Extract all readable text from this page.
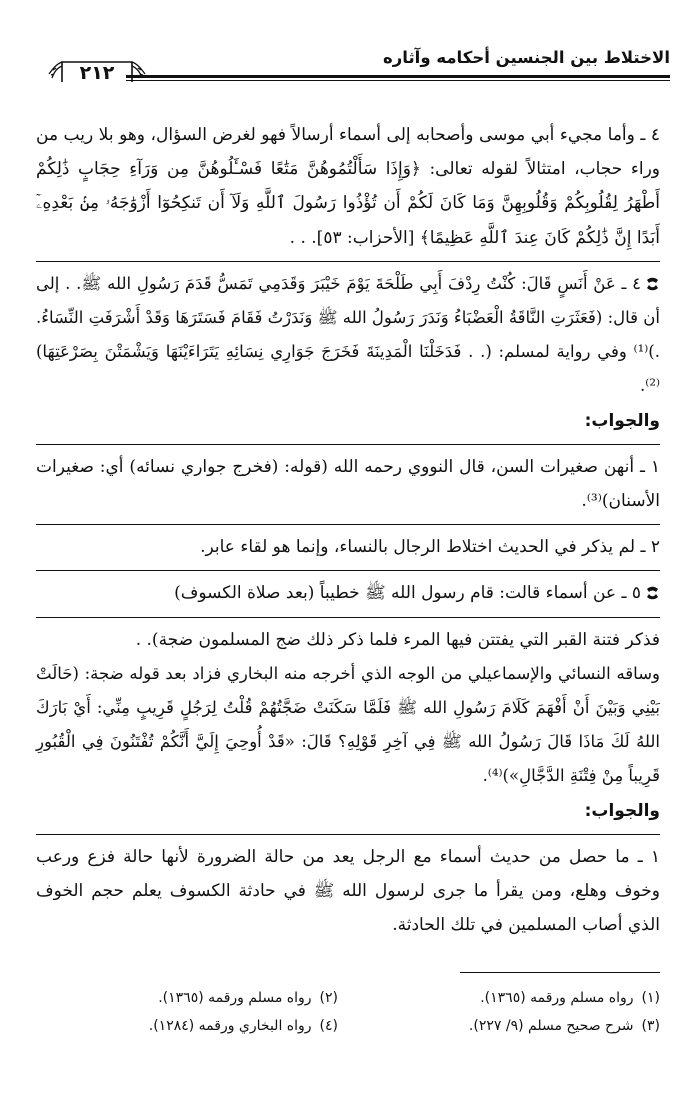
الاختلاط بين الجنسين أحكامه وآثاره
٢١٢

٤ ـ وأما مجيء أبي موسى وأصحابه إلى أسماء أرسالاً فهو لغرض السؤال، وهو بلا ريب من وراء حجاب، امتثالاً لقوله تعالى: ﴿وَإِذَا سَأَلْتُمُوهُنَّ مَتَٰعًا فَسْـَٔلُوهُنَّ مِن وَرَآءِ حِجَابٍ ذَٰلِكُمْ أَطْهَرُ لِقُلُوبِكُمْ وَقُلُوبِهِنَّ وَمَا كَانَ لَكُمْ أَن تُؤْذُوا رَسُولَ ٱللَّهِ وَلَآ أَن تَنكِحُوٓا أَزْوَٰجَهُۥ مِنۢ بَعْدِهِۦٓ أَبَدًا إِنَّ ذَٰلِكُمْ كَانَ عِندَ ٱللَّهِ عَظِيمًا﴾ [الأحزاب: ٥٣]. . .

٤ ـ عَنْ أَنَسٍ قَالَ: كُنْتُ رِدْفَ أَبِي طَلْحَةَ يَوْمَ خَيْبَرَ وَقَدَمِي تَمَسُّ قَدَمَ رَسُولِ الله ﷺ. . إلى أن قال: (فَعَثَرَتِ النَّاقَةُ الْعَضْبَاءُ وَنَدَرَ رَسُولُ الله ﷺ وَنَدَرْتُ فَقَامَ فَسَتَرَهَا وَقَدْ أَشْرَفَتِ النِّسَاءُ. .)⁽¹⁾ وفي رواية لمسلم: (. . فَدَخَلْنَا الْمَدِينَةَ فَخَرَجَ جَوَارِي نِسَائِهِ يَتَرَاءَيْنَهَا وَيَشْمَتْنَ بِصَرْعَتِهَا)⁽²⁾.

والجواب:

١ ـ أنهن صغيرات السن، قال النووي رحمه الله (قوله: (فخرج جواري نسائه) أي: صغيرات الأسنان)⁽³⁾.

٢ ـ لم يذكر في الحديث اختلاط الرجال بالنساء، وإنما هو لقاء عابر.

٥ ـ عن أسماء قالت: قام رسول الله ﷺ خطيباً (بعد صلاة الكسوف)

فذكر فتنة القبر التي يفتتن فيها المرء فلما ذكر ذلك ضج المسلمون ضجة). .

وساقه النسائي والإسماعيلي من الوجه الذي أخرجه منه البخاري فزاد بعد قوله ضجة: (حَالَتْ بَيْنِي وَبَيْنَ أَنْ أَفْهَمَ كَلَامَ رَسُولِ الله ﷺ فَلَمَّا سَكَنَتْ ضَجَّتُهُمْ قُلْتُ لِرَجُلٍ قَرِيبٍ مِنِّي: أَيْ بَارَكَ اللهُ لَكَ مَاذَا قَالَ رَسُولُ الله ﷺ فِي آخِرِ قَوْلِهِ؟ قَالَ: «قَدْ أُوحِيَ إِلَيَّ أَنَّكُمْ تُفْتَنُونَ فِي الْقُبُورِ قَرِيباً مِنْ فِتْنَةِ الدَّجَّالِ»)⁽⁴⁾.

والجواب:

١ ـ ما حصل من حديث أسماء مع الرجل يعد من حالة الضرورة لأنها حالة فزع ورعب وخوف وهلع، ومن يقرأ ما جرى لرسول الله ﷺ في حادثة الكسوف يعلم حجم الخوف الذي أصاب المسلمين في تلك الحادثة.

(١)رواه مسلم ورقمه (١٣٦٥).
(٢)رواه مسلم ورقمه (١٣٦٥).
(٣)شرح صحيح مسلم (٩/ ٢٢٧).
(٤)رواه البخاري ورقمه (١٢٨٤).
